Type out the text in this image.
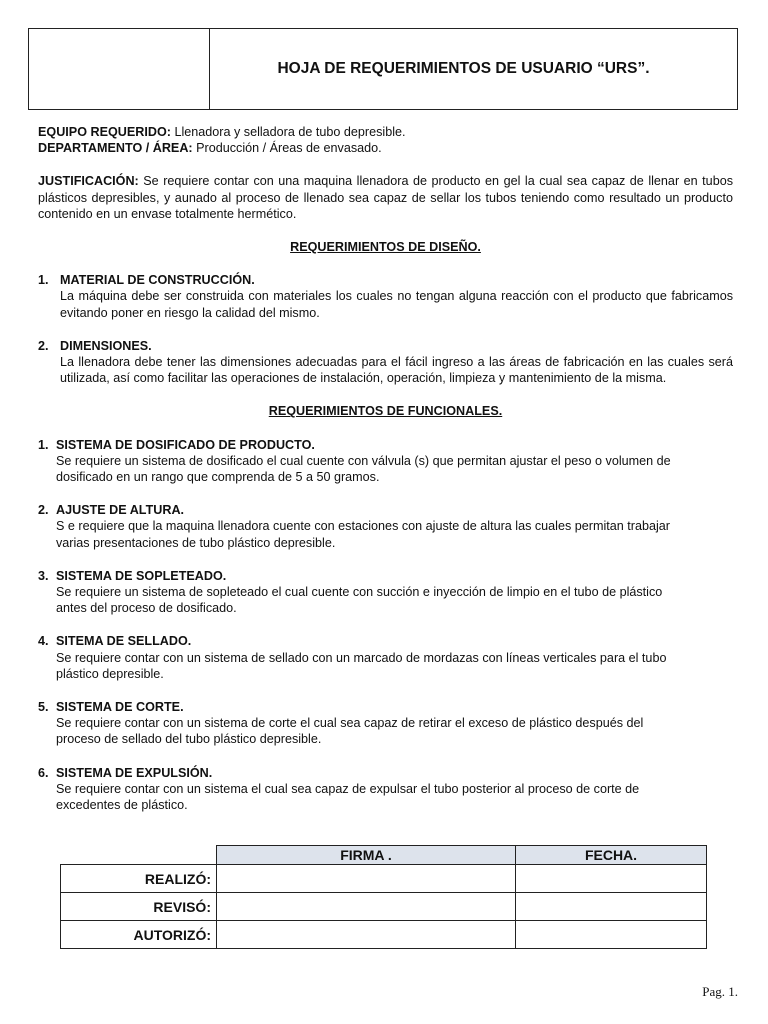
HOJA DE REQUERIMIENTOS DE USUARIO “URS”.

EQUIPO REQUERIDO: Llenadora y selladora de tubo depresible.

DEPARTAMENTO / ÁREA: Producción / Áreas de envasado.

JUSTIFICACIÓN: Se requiere contar con una maquina llenadora de producto en gel la cual sea capaz de llenar en tubos plásticos depresibles, y aunado al proceso de llenado sea capaz de sellar los tubos teniendo como resultado un producto contenido en un envase totalmente hermético.

REQUERIMIENTOS DE DISEÑO.

1. MATERIAL DE CONSTRUCCIÓN.
La máquina debe ser construida con materiales los cuales no tengan alguna reacción con el producto que fabricamos evitando poner en riesgo la calidad del mismo.
2. DIMENSIONES.
La llenadora debe tener las dimensiones adecuadas para el fácil ingreso a las áreas de fabricación en las cuales será utilizada, así como facilitar las operaciones de instalación, operación, limpieza y mantenimiento de la misma.

REQUERIMIENTOS DE FUNCIONALES.

1. SISTEMA DE DOSIFICADO DE PRODUCTO.
Se requiere un sistema de dosificado el cual cuente con válvula (s) que permitan ajustar el peso o volumen de
dosificado en un rango que comprenda de 5 a 50 gramos.
2. AJUSTE DE ALTURA.
S e requiere que la maquina llenadora cuente con estaciones con ajuste de altura las cuales permitan trabajar
varias presentaciones de tubo plástico depresible.
3. SISTEMA DE SOPLETEADO.
Se requiere un sistema de sopleteado el cual cuente con succión e inyección de limpio en el tubo de plástico
antes del proceso de dosificado.
4. SITEMA DE SELLADO.
Se requiere contar con un sistema de sellado con un marcado de mordazas con líneas verticales para el tubo
plástico depresible.
5. SISTEMA DE CORTE.
Se requiere contar con un sistema de corte el cual sea capaz de retirar el exceso de plástico después del
proceso de sellado del tubo plástico depresible.
6. SISTEMA DE EXPULSIÓN.
Se requiere contar con un sistema el cual sea capaz de expulsar el tubo posterior al proceso de corte de
excedentes de plástico.
	FIRMA .	FECHA.
REALIZÓ:		
REVISÓ:		
AUTORIZÓ:		
Pag. 1.
